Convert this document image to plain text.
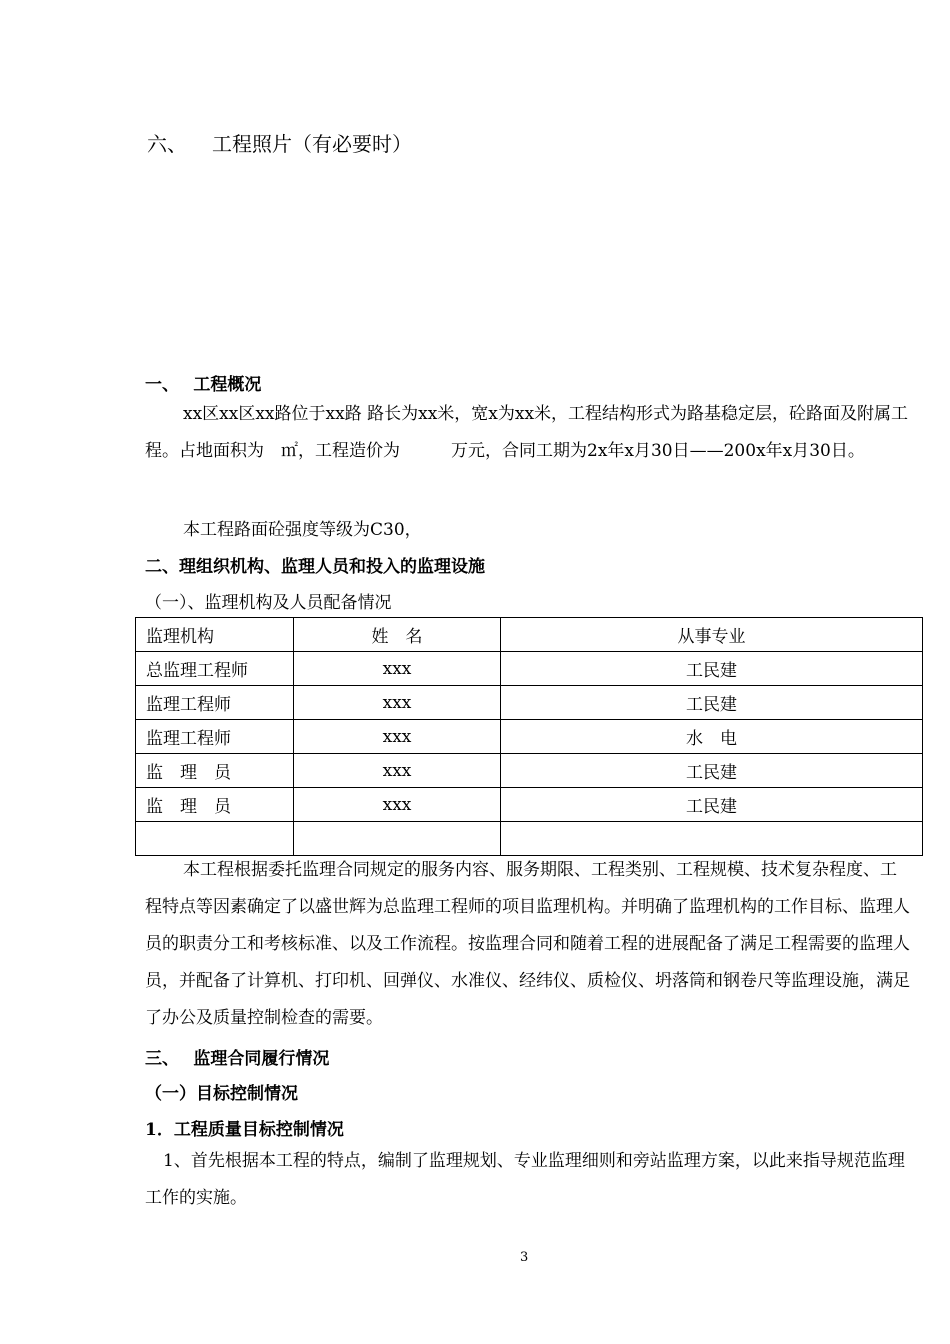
六、 工程照片（有必要时）
一、　 工程概况
xx区xx区xx路位于xx路 路长为xx米，宽x为xx米，工程结构形式为路基稳定层，砼路面及附属工程。占地面积为　㎡，工程造价为　　　万元，合同工期为2x年x月30日——200x年x月30日。
本工程路面砼强度等级为C30，
二、理组织机构、监理人员和投入的监理设施
（一）、监理机构及人员配备情况
监理机构	姓　名	从事专业
总监理工程师	xxx	工民建
监理工程师	xxx	工民建
监理工程师	xxx	水　电
监　理　员	xxx	工民建
监　理　员	xxx	工民建

本工程根据委托监理合同规定的服务内容、服务期限、工程类别、工程规模、技术复杂程度、工程特点等因素确定了以盛世辉为总监理工程师的项目监理机构。并明确了监理机构的工作目标、监理人员的职责分工和考核标准、以及工作流程。按监理合同和随着工程的进展配备了满足工程需要的监理人员，并配备了计算机、打印机、回弹仪、水准仪、经纬仪、质检仪、坍落筒和钢卷尺等监理设施，满足了办公及质量控制检查的需要。
三、　 监理合同履行情况
（一）目标控制情况
1．工程质量目标控制情况
1、首先根据本工程的特点，编制了监理规划、专业监理细则和旁站监理方案，以此来指导规范监理工作的实施。
3
